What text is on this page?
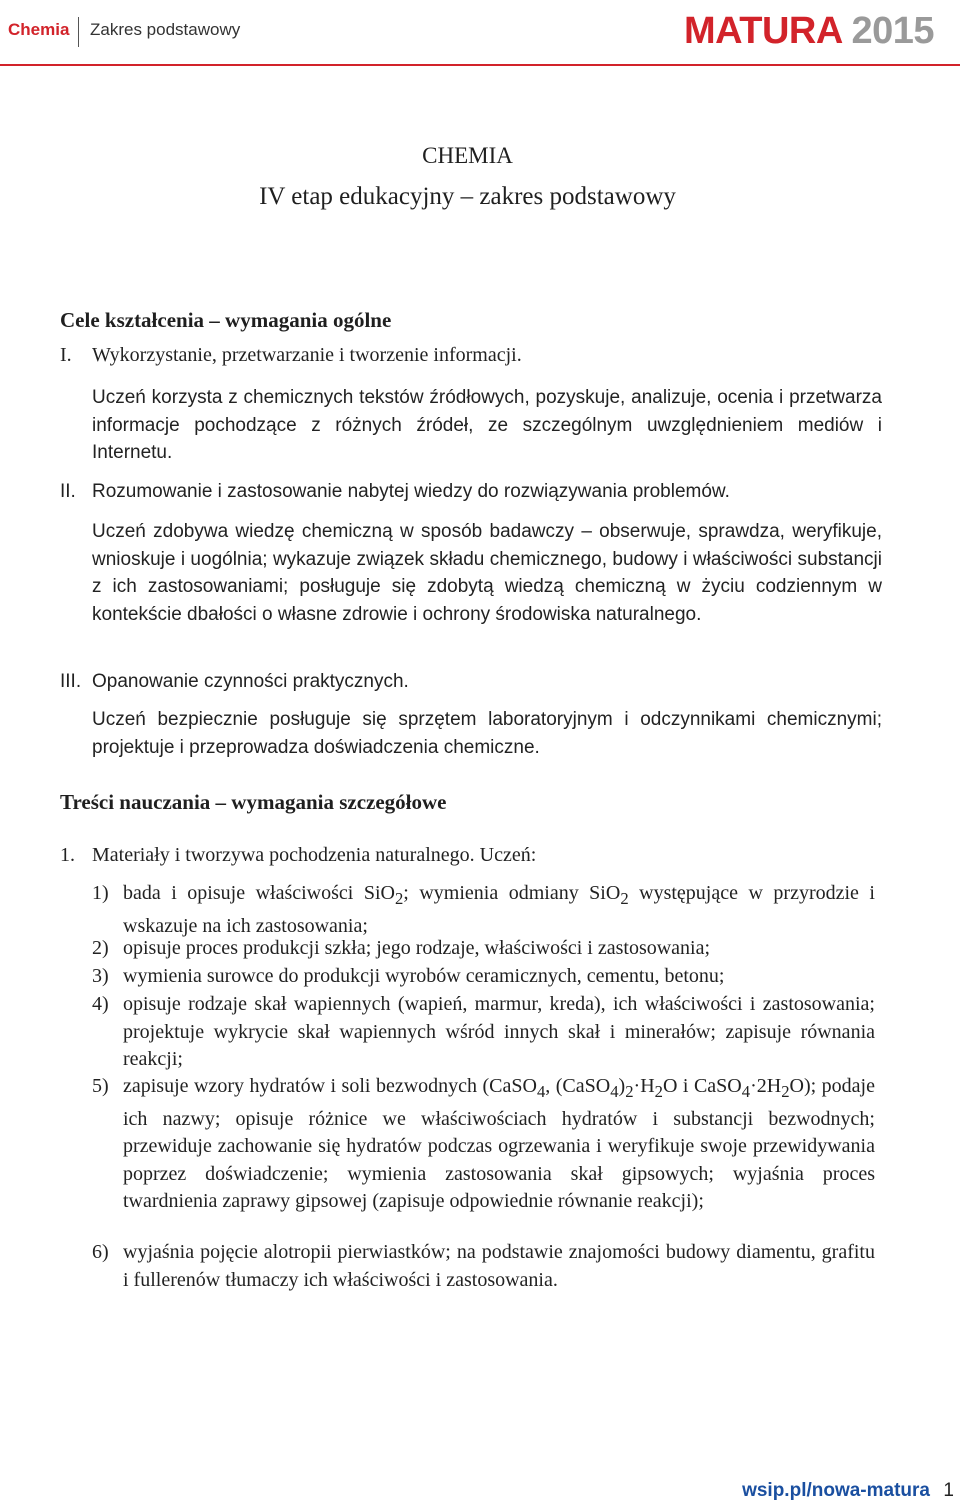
Chemia Zakres podstawowy	MATURA 2015
CHEMIA
IV etap edukacyjny – zakres podstawowy
Cele kształcenia – wymagania ogólne
I. Wykorzystanie, przetwarzanie i tworzenie informacji.
Uczeń korzysta z chemicznych tekstów źródłowych, pozyskuje, analizuje, ocenia i przetwarza informacje pochodzące z różnych źródeł, ze szczególnym uwzględnieniem mediów i Internetu.
II. Rozumowanie i zastosowanie nabytej wiedzy do rozwiązywania problemów.
Uczeń zdobywa wiedzę chemiczną w sposób badawczy – obserwuje, sprawdza, weryfikuje, wnioskuje i uogólnia; wykazuje związek składu chemicznego, budowy i właściwości substancji z ich zastosowaniami; posługuje się zdobytą wiedzą chemiczną w życiu codziennym w kontekście dbałości o własne zdrowie i ochrony środowiska naturalnego.
III. Opanowanie czynności praktycznych.
Uczeń bezpiecznie posługuje się sprzętem laboratoryjnym i odczynnikami chemicznymi; projektuje i przeprowadza doświadczenia chemiczne.
Treści nauczania – wymagania szczegółowe
1. Materiały i tworzywa pochodzenia naturalnego. Uczeń:
1) bada i opisuje właściwości SiO$_2$; wymienia odmiany SiO$_2$ występujące w przyrodzie i wskazuje na ich zastosowania;
2) opisuje proces produkcji szkła; jego rodzaje, właściwości i zastosowania;
3) wymienia surowce do produkcji wyrobów ceramicznych, cementu, betonu;
4) opisuje rodzaje skał wapiennych (wapień, marmur, kreda), ich właściwości i zastosowania; projektuje wykrycie skał wapiennych wśród innych skał i minerałów; zapisuje równania reakcji;
5) zapisuje wzory hydratów i soli bezwodnych (CaSO$_4$, $(CaSO_4)_2\cdot H_2O$ i $CaSO_4\cdot 2H_2O$); podaje ich nazwy; opisuje różnice we właściwościach hydratów i substancji bezwodnych; przewiduje zachowanie się hydratów podczas ogrzewania i weryfikuje swoje przewidywania poprzez doświadczenie; wymienia zastosowania skał gipsowych; wyjaśnia proces twardnienia zaprawy gipsowej (zapisuje odpowiednie równanie reakcji);
6) wyjaśnia pojęcie alotropii pierwiastków; na podstawie znajomości budowy diamentu, grafitu i fullerenów tłumaczy ich właściwości i zastosowania.
wsip.pl/nowa-matura 1
